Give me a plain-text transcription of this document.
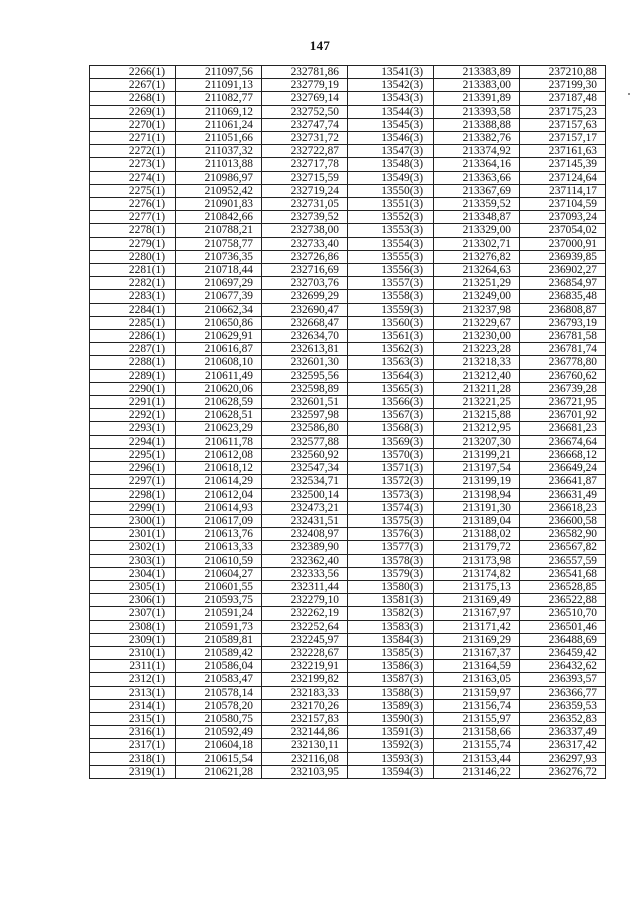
147
2266(1)	211097,56	232781,86	13541(3)	213383,89	237210,88
2267(1)	211091,13	232779,19	13542(3)	213383,00	237199,30
2268(1)	211082,77	232769,14	13543(3)	213391,89	237187,48
2269(1)	211069,12	232752,50	13544(3)	213393,58	237175,23
2270(1)	211061,24	232747,74	13545(3)	213388,88	237157,63
2271(1)	211051,66	232731,72	13546(3)	213382,76	237157,17
2272(1)	211037,32	232722,87	13547(3)	213374,92	237161,63
2273(1)	211013,88	232717,78	13548(3)	213364,16	237145,39
2274(1)	210986,97	232715,59	13549(3)	213363,66	237124,64
2275(1)	210952,42	232719,24	13550(3)	213367,69	237114,17
2276(1)	210901,83	232731,05	13551(3)	213359,52	237104,59
2277(1)	210842,66	232739,52	13552(3)	213348,87	237093,24
2278(1)	210788,21	232738,00	13553(3)	213329,00	237054,02
2279(1)	210758,77	232733,40	13554(3)	213302,71	237000,91
2280(1)	210736,35	232726,86	13555(3)	213276,82	236939,85
2281(1)	210718,44	232716,69	13556(3)	213264,63	236902,27
2282(1)	210697,29	232703,76	13557(3)	213251,29	236854,97
2283(1)	210677,39	232699,29	13558(3)	213249,00	236835,48
2284(1)	210662,34	232690,47	13559(3)	213237,98	236808,87
2285(1)	210650,86	232668,47	13560(3)	213229,67	236793,19
2286(1)	210629,91	232634,70	13561(3)	213230,00	236781,58
2287(1)	210616,87	232613,81	13562(3)	213223,28	236781,74
2288(1)	210608,10	232601,30	13563(3)	213218,33	236778,80
2289(1)	210611,49	232595,56	13564(3)	213212,40	236760,62
2290(1)	210620,06	232598,89	13565(3)	213211,28	236739,28
2291(1)	210628,59	232601,51	13566(3)	213221,25	236721,95
2292(1)	210628,51	232597,98	13567(3)	213215,88	236701,92
2293(1)	210623,29	232586,80	13568(3)	213212,95	236681,23
2294(1)	210611,78	232577,88	13569(3)	213207,30	236674,64
2295(1)	210612,08	232560,92	13570(3)	213199,21	236668,12
2296(1)	210618,12	232547,34	13571(3)	213197,54	236649,24
2297(1)	210614,29	232534,71	13572(3)	213199,19	236641,87
2298(1)	210612,04	232500,14	13573(3)	213198,94	236631,49
2299(1)	210614,93	232473,21	13574(3)	213191,30	236618,23
2300(1)	210617,09	232431,51	13575(3)	213189,04	236600,58
2301(1)	210613,76	232408,97	13576(3)	213188,02	236582,90
2302(1)	210613,33	232389,90	13577(3)	213179,72	236567,82
2303(1)	210610,59	232362,40	13578(3)	213173,98	236557,59
2304(1)	210604,27	232333,56	13579(3)	213174,82	236541,68
2305(1)	210601,55	232311,44	13580(3)	213175,13	236528,85
2306(1)	210593,75	232279,10	13581(3)	213169,49	236522,88
2307(1)	210591,24	232262,19	13582(3)	213167,97	236510,70
2308(1)	210591,73	232252,64	13583(3)	213171,42	236501,46
2309(1)	210589,81	232245,97	13584(3)	213169,29	236488,69
2310(1)	210589,42	232228,67	13585(3)	213167,37	236459,42
2311(1)	210586,04	232219,91	13586(3)	213164,59	236432,62
2312(1)	210583,47	232199,82	13587(3)	213163,05	236393,57
2313(1)	210578,14	232183,33	13588(3)	213159,97	236366,77
2314(1)	210578,20	232170,26	13589(3)	213156,74	236359,53
2315(1)	210580,75	232157,83	13590(3)	213155,97	236352,83
2316(1)	210592,49	232144,86	13591(3)	213158,66	236337,49
2317(1)	210604,18	232130,11	13592(3)	213155,74	236317,42
2318(1)	210615,54	232116,08	13593(3)	213153,44	236297,93
2319(1)	210621,28	232103,95	13594(3)	213146,22	236276,72
